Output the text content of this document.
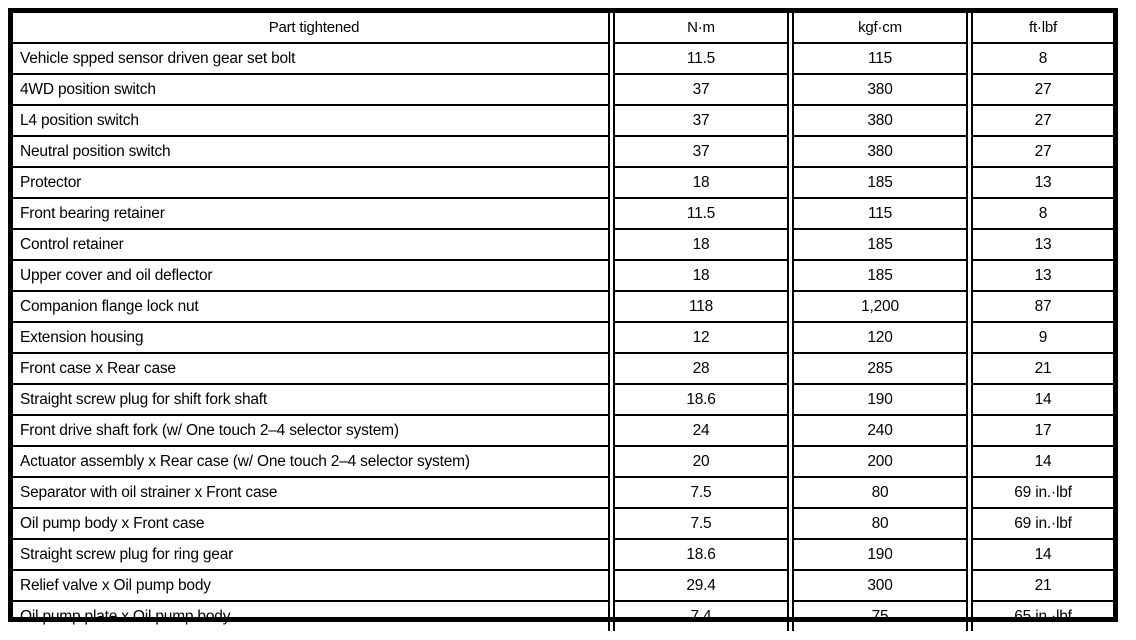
Part tightened	N·m	kgf·cm	ft·lbf
Vehicle spped sensor driven gear set bolt	11.5	115	8
4WD position switch	37	380	27
L4 position switch	37	380	27
Neutral position switch	37	380	27
Protector	18	185	13
Front bearing retainer	11.5	115	8
Control retainer	18	185	13
Upper cover and oil deflector	18	185	13
Companion flange lock nut	118	1,200	87
Extension housing	12	120	9
Front case x Rear case	28	285	21
Straight screw plug for shift fork shaft	18.6	190	14
Front drive shaft fork (w/ One touch 2–4 selector system)	24	240	17
Actuator assembly x Rear case (w/ One touch 2–4 selector system)	20	200	14
Separator with oil strainer x Front case	7.5	80	69 in.·lbf
Oil pump body x Front case	7.5	80	69 in.·lbf
Straight screw plug for ring gear	18.6	190	14
Relief valve x Oil pump body	29.4	300	21
Oil pump plate x Oil pump body	7.4	75	65 in.·lbf
